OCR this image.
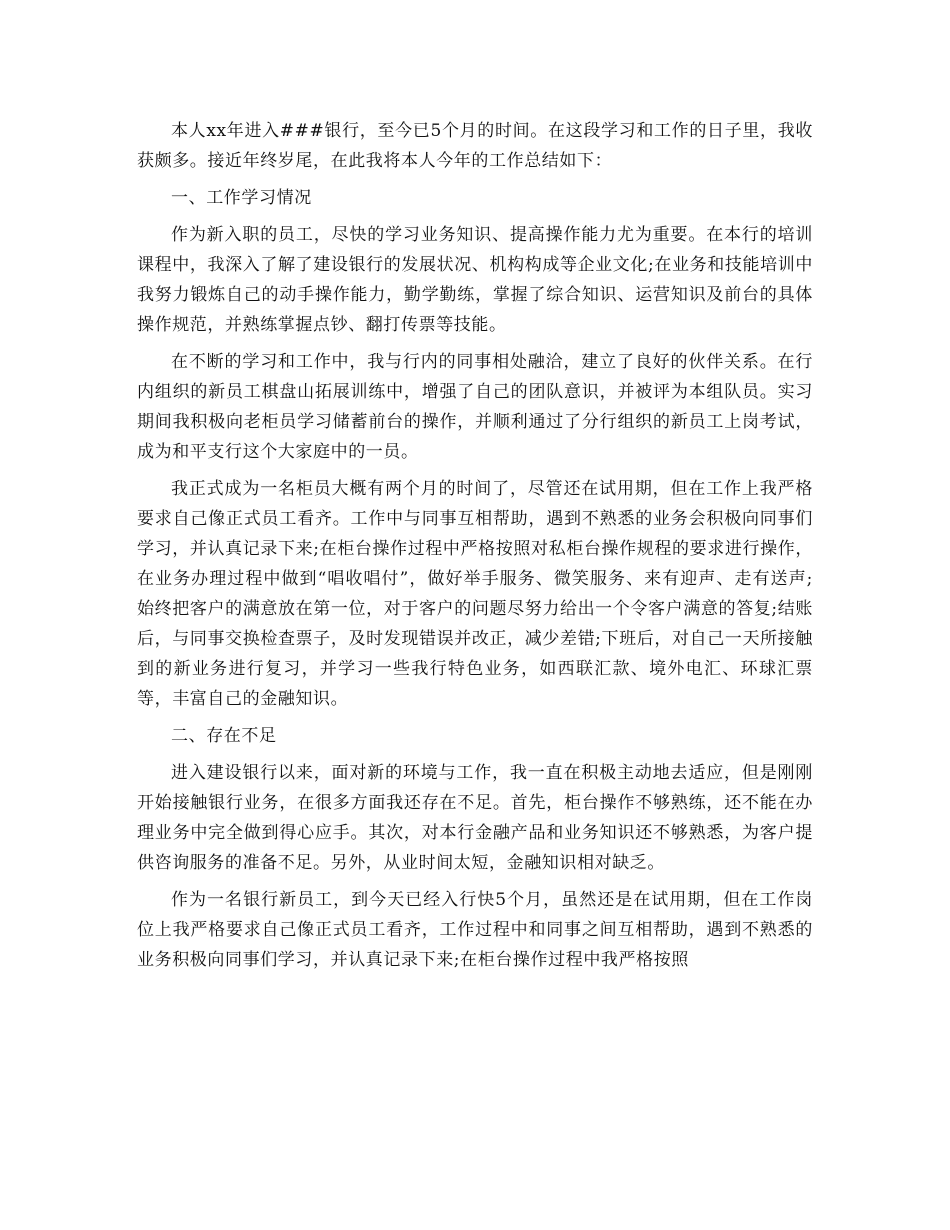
本人xx年进入###银行，至今已5个月的时间。在这段学习和工作的日子里，我收获颇多。接近年终岁尾，在此我将本人今年的工作总结如下：

一、工作学习情况

作为新入职的员工，尽快的学习业务知识、提高操作能力尤为重要。在本行的培训课程中，我深入了解了建设银行的发展状况、机构构成等企业文化;在业务和技能培训中我努力锻炼自己的动手操作能力，勤学勤练，掌握了综合知识、运营知识及前台的具体操作规范，并熟练掌握点钞、翻打传票等技能。

在不断的学习和工作中，我与行内的同事相处融洽，建立了良好的伙伴关系。在行内组织的新员工棋盘山拓展训练中，增强了自己的团队意识，并被评为本组队员。实习期间我积极向老柜员学习储蓄前台的操作，并顺利通过了分行组织的新员工上岗考试，成为和平支行这个大家庭中的一员。

我正式成为一名柜员大概有两个月的时间了，尽管还在试用期，但在工作上我严格要求自己像正式员工看齐。工作中与同事互相帮助，遇到不熟悉的业务会积极向同事们学习，并认真记录下来;在柜台操作过程中严格按照对私柜台操作规程的要求进行操作，在业务办理过程中做到“唱收唱付”，做好举手服务、微笑服务、来有迎声、走有送声;始终把客户的满意放在第一位，对于客户的问题尽努力给出一个令客户满意的答复;结账后，与同事交换检查票子，及时发现错误并改正，减少差错;下班后，对自己一天所接触到的新业务进行复习，并学习一些我行特色业务，如西联汇款、境外电汇、环球汇票等，丰富自己的金融知识。

二、存在不足

进入建设银行以来，面对新的环境与工作，我一直在积极主动地去适应，但是刚刚开始接触银行业务，在很多方面我还存在不足。首先，柜台操作不够熟练，还不能在办理业务中完全做到得心应手。其次，对本行金融产品和业务知识还不够熟悉，为客户提供咨询服务的准备不足。另外，从业时间太短，金融知识相对缺乏。

作为一名银行新员工，到今天已经入行快5个月，虽然还是在试用期，但在工作岗位上我严格要求自己像正式员工看齐，工作过程中和同事之间互相帮助，遇到不熟悉的业务积极向同事们学习，并认真记录下来;在柜台操作过程中我严格按照
